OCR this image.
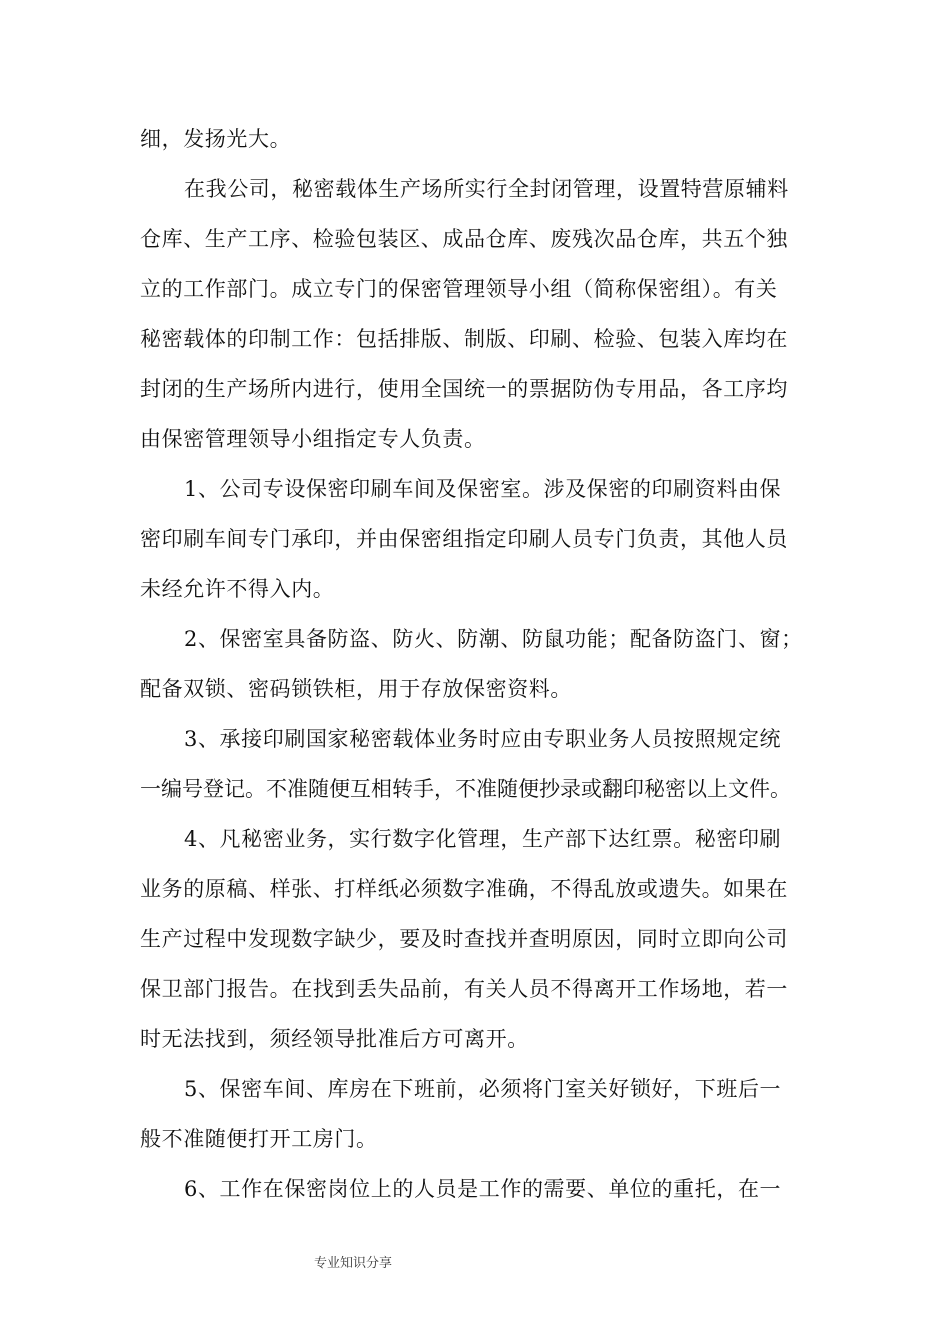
细，发扬光大。
在我公司，秘密载体生产场所实行全封闭管理，设置特营原辅料
仓库、生产工序、检验包装区、成品仓库、废残次品仓库，共五个独
立的工作部门。成立专门的保密管理领导小组（简称保密组）。有关
秘密载体的印制工作：包括排版、制版、印刷、检验、包装入库均在
封闭的生产场所内进行，使用全国统一的票据防伪专用品，各工序均
由保密管理领导小组指定专人负责。
1、公司专设保密印刷车间及保密室。涉及保密的印刷资料由保
密印刷车间专门承印，并由保密组指定印刷人员专门负责，其他人员
未经允许不得入内。
2、保密室具备防盗、防火、防潮、防鼠功能；配备防盗门、窗；
配备双锁、密码锁铁柜，用于存放保密资料。
3、承接印刷国家秘密载体业务时应由专职业务人员按照规定统
一编号登记。不准随便互相转手，不准随便抄录或翻印秘密以上文件。
4、凡秘密业务，实行数字化管理，生产部下达红票。秘密印刷
业务的原稿、样张、打样纸必须数字准确，不得乱放或遗失。如果在
生产过程中发现数字缺少，要及时查找并查明原因，同时立即向公司
保卫部门报告。在找到丢失品前，有关人员不得离开工作场地，若一
时无法找到，须经领导批准后方可离开。
5、保密车间、库房在下班前，必须将门室关好锁好，下班后一
般不准随便打开工房门。
6、工作在保密岗位上的人员是工作的需要、单位的重托，在一
专业知识分享
